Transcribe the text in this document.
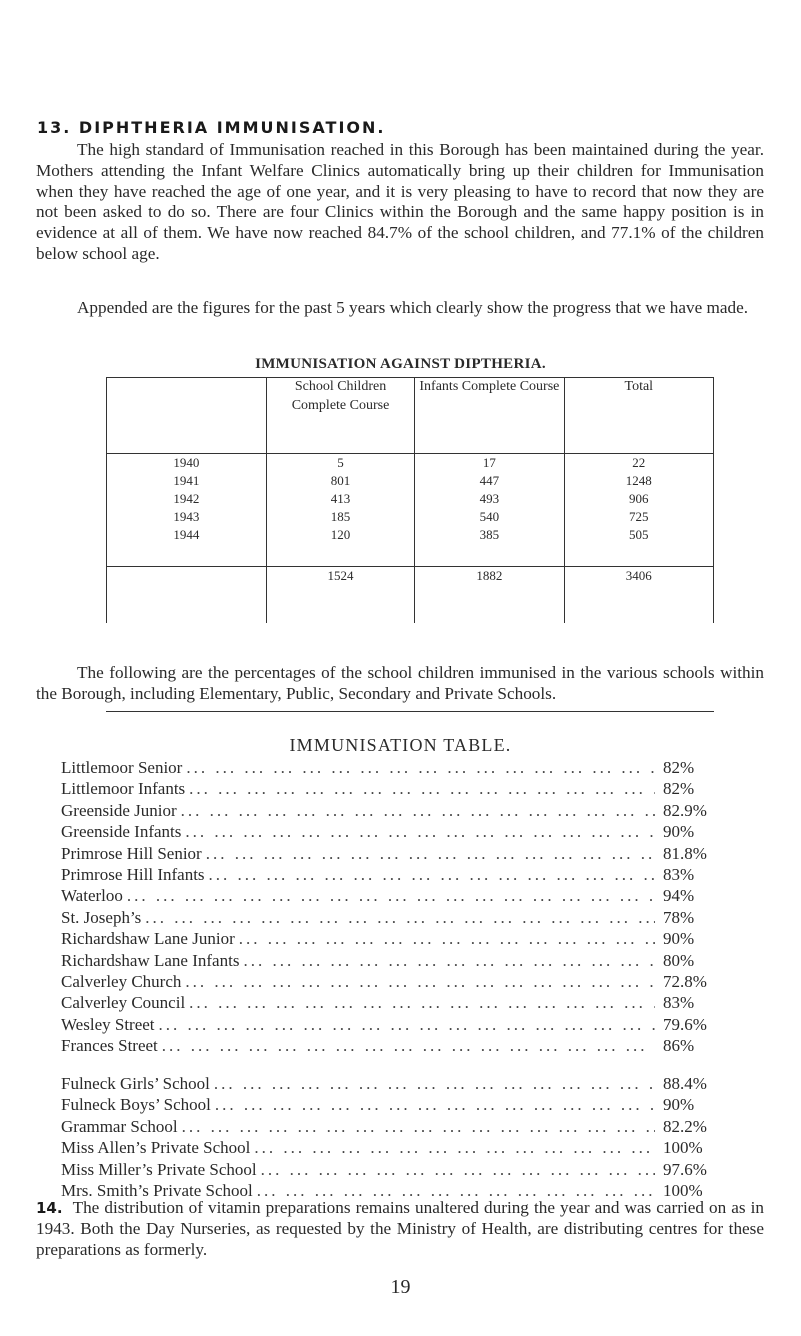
13. DIPHTHERIA IMMUNISATION.

The high standard of Immunisation reached in this Borough has been maintained during the year. Mothers attending the Infant Welfare Clinics automatically bring up their children for Immunisation when they have reached the age of one year, and it is very pleasing to have to record that now they are not been asked to do so. There are four Clinics within the Borough and the same happy position is in evidence at all of them. We have now reached 84.7% of the school children, and 77.1% of the children below school age.

Appended are the figures for the past 5 years which clearly show the progress that we have made.

IMMUNISATION AGAINST DIPTHERIA.
	School Children Complete Course	Infants Complete Course	Total
1940	5	17	22
1941	801	447	1248
1942	413	493	906
1943	185	540	725
1944	120	385	505
	1524	1882	3406

The following are the percentages of the school children immunised in the various schools within the Borough, including Elementary, Public, Secondary and Private Schools.

IMMUNISATION TABLE.
Littlemoor Senior ... .	82%
Littlemoor Infants ... .	82%
Greenside Junior ... .	82.9%
Greenside Infants ... .	90%
Primrose Hill Senior ... .	81.8%
Primrose Hill Infants ... .	83%
Waterloo ... .	94%
St. Joseph’s ... .	78%
Richardshaw Lane Junior ... .	90%
Richardshaw Lane Infants ... .	80%
Calverley Church ... .	72.8%
Calverley Council ... .	83%
Wesley Street ... .	79.6%
Frances Street ... .	86%
Fulneck Girls’ School ... .	88.4%
Fulneck Boys’ School ... .	90%
Grammar School ... .	82.2%
Miss Allen’s Private School ... .	100%
Miss Miller’s Private School ... .	97.6%
Mrs. Smith’s Private School ... .	100%

14. The distribution of vitamin preparations remains unaltered during the year and was carried on as in 1943. Both the Day Nurseries, as requested by the Ministry of Health, are distributing centres for these preparations as formerly.

19
